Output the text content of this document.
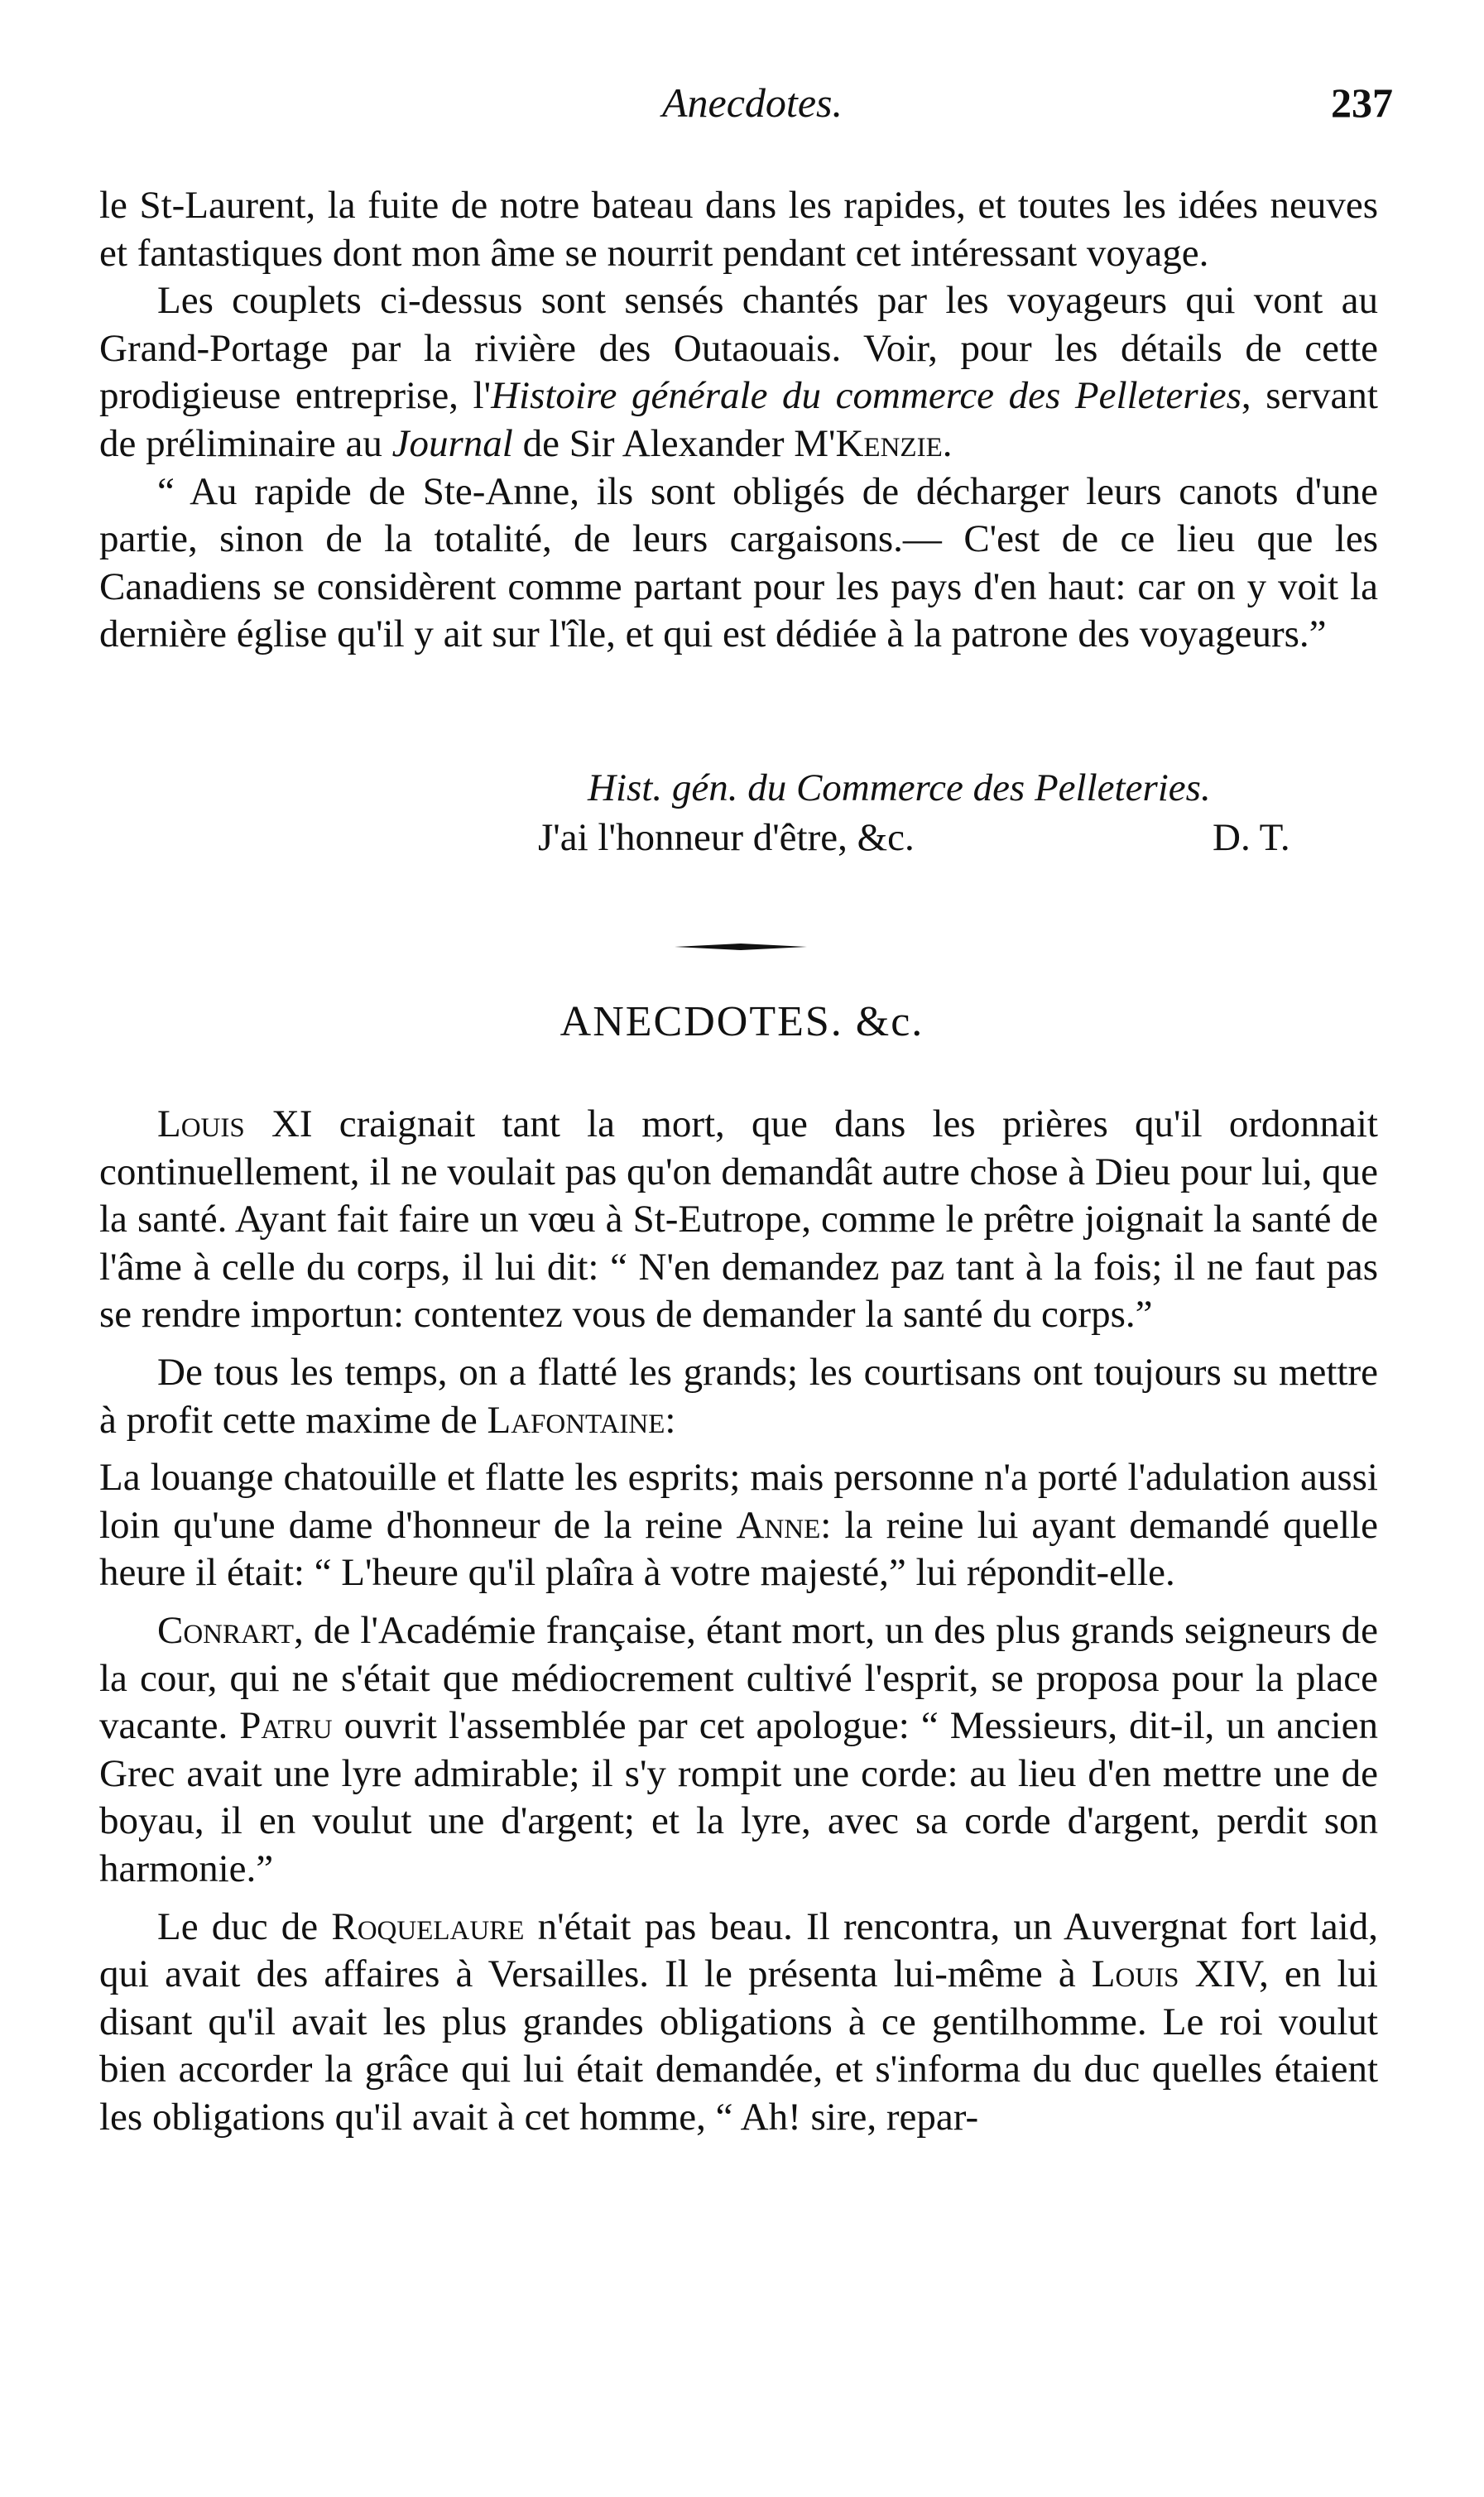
Anecdotes.	237

le St-Laurent, la fuite de notre bateau dans les rapides, et toutes les idées neuves et fantastiques dont mon âme se nourrit pendant cet intéressant voyage.

Les couplets ci-dessus sont sensés chantés par les voyageurs qui vont au Grand-Portage par la rivière des Outaouais. Voir, pour les détails de cette prodigieuse entreprise, l'Histoire générale du commerce des Pelleteries, servant de préliminaire au Journal de Sir Alexander M'Kenzie.

“ Au rapide de Ste-Anne, ils sont obligés de décharger leurs canots d'une partie, sinon de la totalité, de leurs cargaisons.— C'est de ce lieu que les Canadiens se considèrent comme partant pour les pays d'en haut: car on y voit la dernière église qu'il y ait sur l'île, et qui est dédiée à la patrone des voyageurs.”

Hist. gén. du Commerce des Pelleteries.
J'ai l'honneur d'être, &c.	D. T.
ANECDOTES. &c.

Louis XI craignait tant la mort, que dans les prières qu'il ordonnait continuellement, il ne voulait pas qu'on demandât autre chose à Dieu pour lui, que la santé. Ayant fait faire un vœu à St-Eutrope, comme le prêtre joignait la santé de l'âme à celle du corps, il lui dit: “ N'en demandez paz tant à la fois; il ne faut pas se rendre importun: contentez vous de demander la santé du corps.”

De tous les temps, on a flatté les grands; les courtisans ont toujours su mettre à profit cette maxime de Lafontaine:

La louange chatouille et flatte les esprits; mais personne n'a porté l'adulation aussi loin qu'une dame d'honneur de la reine Anne: la reine lui ayant demandé quelle heure il était: “ L'heure qu'il plaîra à votre majesté,” lui répondit-elle.

Conrart, de l'Académie française, étant mort, un des plus grands seigneurs de la cour, qui ne s'était que médiocrement cultivé l'esprit, se proposa pour la place vacante. Patru ouvrit l'assemblée par cet apologue: “ Messieurs, dit-il, un ancien Grec avait une lyre admirable; il s'y rompit une corde: au lieu d'en mettre une de boyau, il en voulut une d'argent; et la lyre, avec sa corde d'argent, perdit son harmonie.”

Le duc de Roquelaure n'était pas beau. Il rencontra, un Auvergnat fort laid, qui avait des affaires à Versailles. Il le présenta lui-même à Louis XIV, en lui disant qu'il avait les plus grandes obligations à ce gentilhomme. Le roi voulut bien accorder la grâce qui lui était demandée, et s'informa du duc quelles étaient les obligations qu'il avait à cet homme, “ Ah! sire, repar-
